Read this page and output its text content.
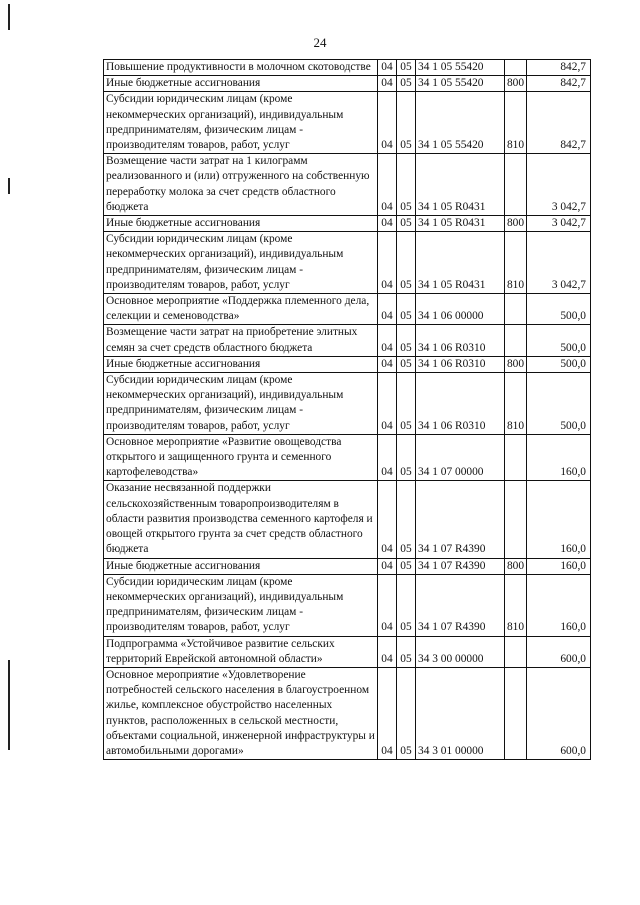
24
Повышение продуктивности в молочном скотоводстве	04	05	34 1 05 55420		842,7
Иные бюджетные ассигнования	04	05	34 1 05 55420	800	842,7
Субсидии юридическим лицам (кроме некоммерческих организаций), индивидуальным предпринимателям, физическим лицам - производителям товаров, работ, услуг	04	05	34 1 05 55420	810	842,7
Возмещение части затрат на 1 килограмм реализованного и (или) отгруженного на собственную переработку молока за счет средств областного бюджета	04	05	34 1 05 R0431		3 042,7
Иные бюджетные ассигнования	04	05	34 1 05 R0431	800	3 042,7
Субсидии юридическим лицам (кроме некоммерческих организаций), индивидуальным предпринимателям, физическим лицам - производителям товаров, работ, услуг	04	05	34 1 05 R0431	810	3 042,7
Основное мероприятие «Поддержка племенного дела, селекции и семеноводства»	04	05	34 1 06 00000		500,0
Возмещение части затрат на приобретение элитных семян за счет средств областного бюджета	04	05	34 1 06 R0310		500,0
Иные бюджетные ассигнования	04	05	34 1 06 R0310	800	500,0
Субсидии юридическим лицам (кроме некоммерческих организаций), индивидуальным предпринимателям, физическим лицам - производителям товаров, работ, услуг	04	05	34 1 06 R0310	810	500,0
Основное мероприятие «Развитие овощеводства открытого и защищенного грунта и семенного картофелеводства»	04	05	34 1 07 00000		160,0
Оказание несвязанной поддержки сельскохозяйственным товаропроизводителям в области развития производства семенного картофеля и овощей открытого грунта за счет средств областного бюджета	04	05	34 1 07 R4390		160,0
Иные бюджетные ассигнования	04	05	34 1 07 R4390	800	160,0
Субсидии юридическим лицам (кроме некоммерческих организаций), индивидуальным предпринимателям, физическим лицам - производителям товаров, работ, услуг	04	05	34 1 07 R4390	810	160,0
Подпрограмма «Устойчивое развитие сельских территорий Еврейской автономной области»	04	05	34 3 00 00000		600,0
Основное мероприятие «Удовлетворение потребностей сельского населения в благоустроенном жилье, комплексное обустройство населенных пунктов, расположенных в сельской местности, объектами социальной, инженерной инфраструктуры и автомобильными дорогами»	04	05	34 3 01 00000		600,0
